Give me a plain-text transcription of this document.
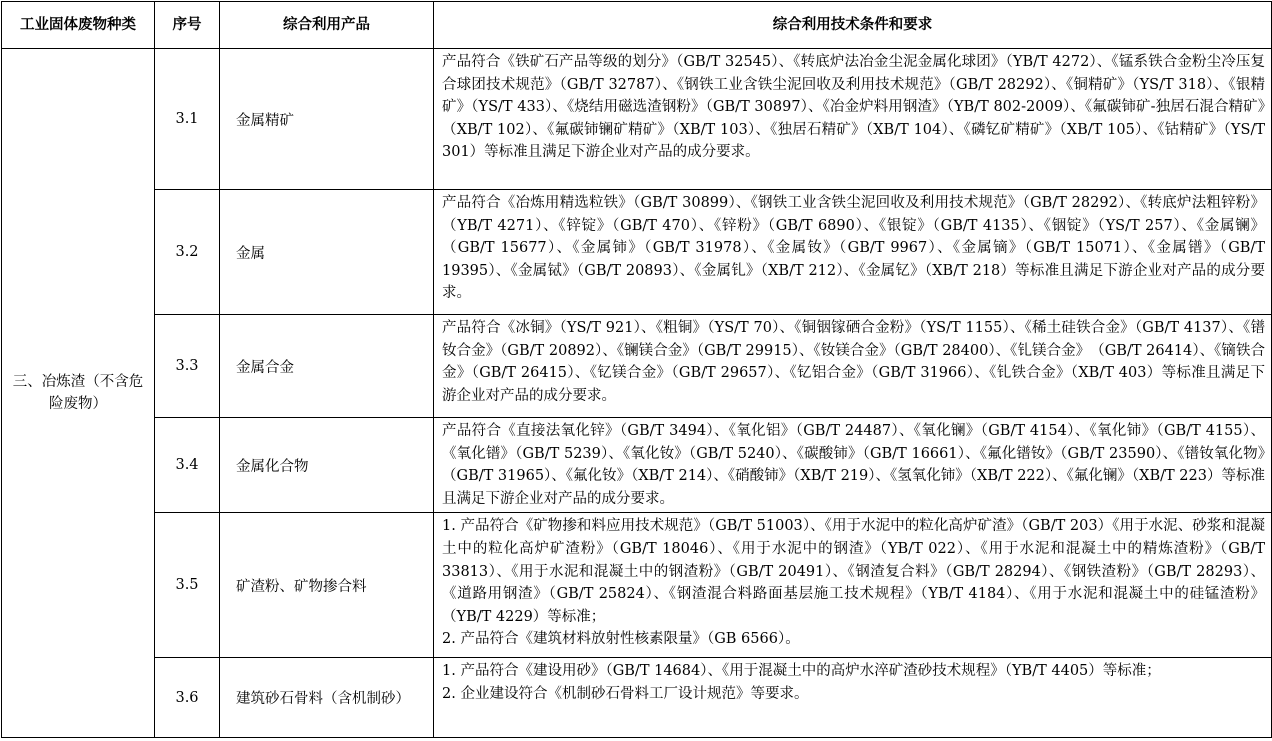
工业固体废物种类	序号	综合利用产品	综合利用技术条件和要求
三、冶炼渣（不含危险废物）	3.1	金属精矿	产品符合《铁矿石产品等级的划分》（GB/T 32545）、《转底炉法冶金尘泥金属化球团》（YB/T 4272）、《锰系铁合金粉尘冷压复合球团技术规范》（GB/T 32787）、《钢铁工业含铁尘泥回收及利用技术规范》（GB/T 28292）、《铜精矿》（YS/T 318）、《银精矿》（YS/T 433）、《烧结用磁选渣钢粉》（GB/T 30897）、《冶金炉料用钢渣》（YB/T 802-2009）、《氟碳铈矿-独居石混合精矿》（XB/T 102）、《氟碳铈镧矿精矿》（XB/T 103）、《独居石精矿》（XB/T 104）、《磷钇矿精矿》（XB/T 105）、《钴精矿》（YS/T 301）等标准且满足下游企业对产品的成分要求。

	3.2	金属	产品符合《冶炼用精选粒铁》（GB/T 30899）、《钢铁工业含铁尘泥回收及利用技术规范》（GB/T 28292）、《转底炉法粗锌粉》（YB/T 4271）、《锌锭》（GB/T 470）、《锌粉》（GB/T 6890）、《银锭》（GB/T 4135）、《铟锭》（YS/T 257）、《金属镧》（GB/T 15677）、《金属铈》（GB/T 31978）、《金属钕》（GB/T 9967）、《金属镝》（GB/T 15071）、《金属镨》（GB/T 19395）、《金属铽》（GB/T 20893）、《金属钆》（XB/T 212）、《金属钇》（XB/T 218）等标准且满足下游企业对产品的成分要求。

	3.3	金属合金	产品符合《冰铜》（YS/T 921）、《粗铜》（YS/T 70）、《铜铟镓硒合金粉》（YS/T 1155）、《稀土硅铁合金》（GB/T 4137）、《镨钕合金》（GB/T 20892）、《镧镁合金》（GB/T 29915）、《钕镁合金》（GB/T 28400）、《钆镁合金》　（GB/T 26414）、《镝铁合金》（GB/T 26415）、《钇镁合金》（GB/T 29657）、《钇铝合金》（GB/T 31966）、《钆铁合金》（XB/T 403）等标准且满足下游企业对产品的成分要求。

	3.4	金属化合物	产品符合《直接法氧化锌》（GB/T 3494）、《氧化铝》（GB/T 24487）、《氧化镧》（GB/T 4154）、《氧化铈》（GB/T 4155）、《氧化镨》（GB/T 5239）、《氧化钕》（GB/T 5240）、《碳酸铈》（GB/T 16661）、《氟化镨钕》（GB/T 23590）、《镨钕氧化物》（GB/T 31965）、《氟化钕》（XB/T 214）、《硝酸铈》（XB/T 219）、《氢氧化铈》（XB/T 222）、《氟化镧》（XB/T 223）等标准且满足下游企业对产品的成分要求。

	3.5	矿渣粉、矿物掺合料	1. 产品符合《矿物掺和料应用技术规范》（GB/T 51003）、《用于水泥中的粒化高炉矿渣》（GB/T 203）《用于水泥、砂浆和混凝土中的粒化高炉矿渣粉》（GB/T 18046）、《用于水泥中的钢渣》（YB/T 022）、《用于水泥和混凝土中的精炼渣粉》（GB/T 33813）、《用于水泥和混凝土中的钢渣粉》（GB/T 20491）、《钢渣复合料》（GB/T 28294）、《钢铁渣粉》（GB/T 28293）、《道路用钢渣》（GB/T 25824）、《钢渣混合料路面基层施工技术规程》（YB/T 4184）、《用于水泥和混凝土中的硅锰渣粉》（YB/T 4229）等标准；
2. 产品符合《建筑材料放射性核素限量》（GB 6566）。

	3.6	建筑砂石骨料（含机制砂）	1. 产品符合《建设用砂》（GB/T 14684）、《用于混凝土中的高炉水淬矿渣砂技术规程》（YB/T 4405）等标准；
2. 企业建设符合《机制砂石骨料工厂设计规范》等要求。
